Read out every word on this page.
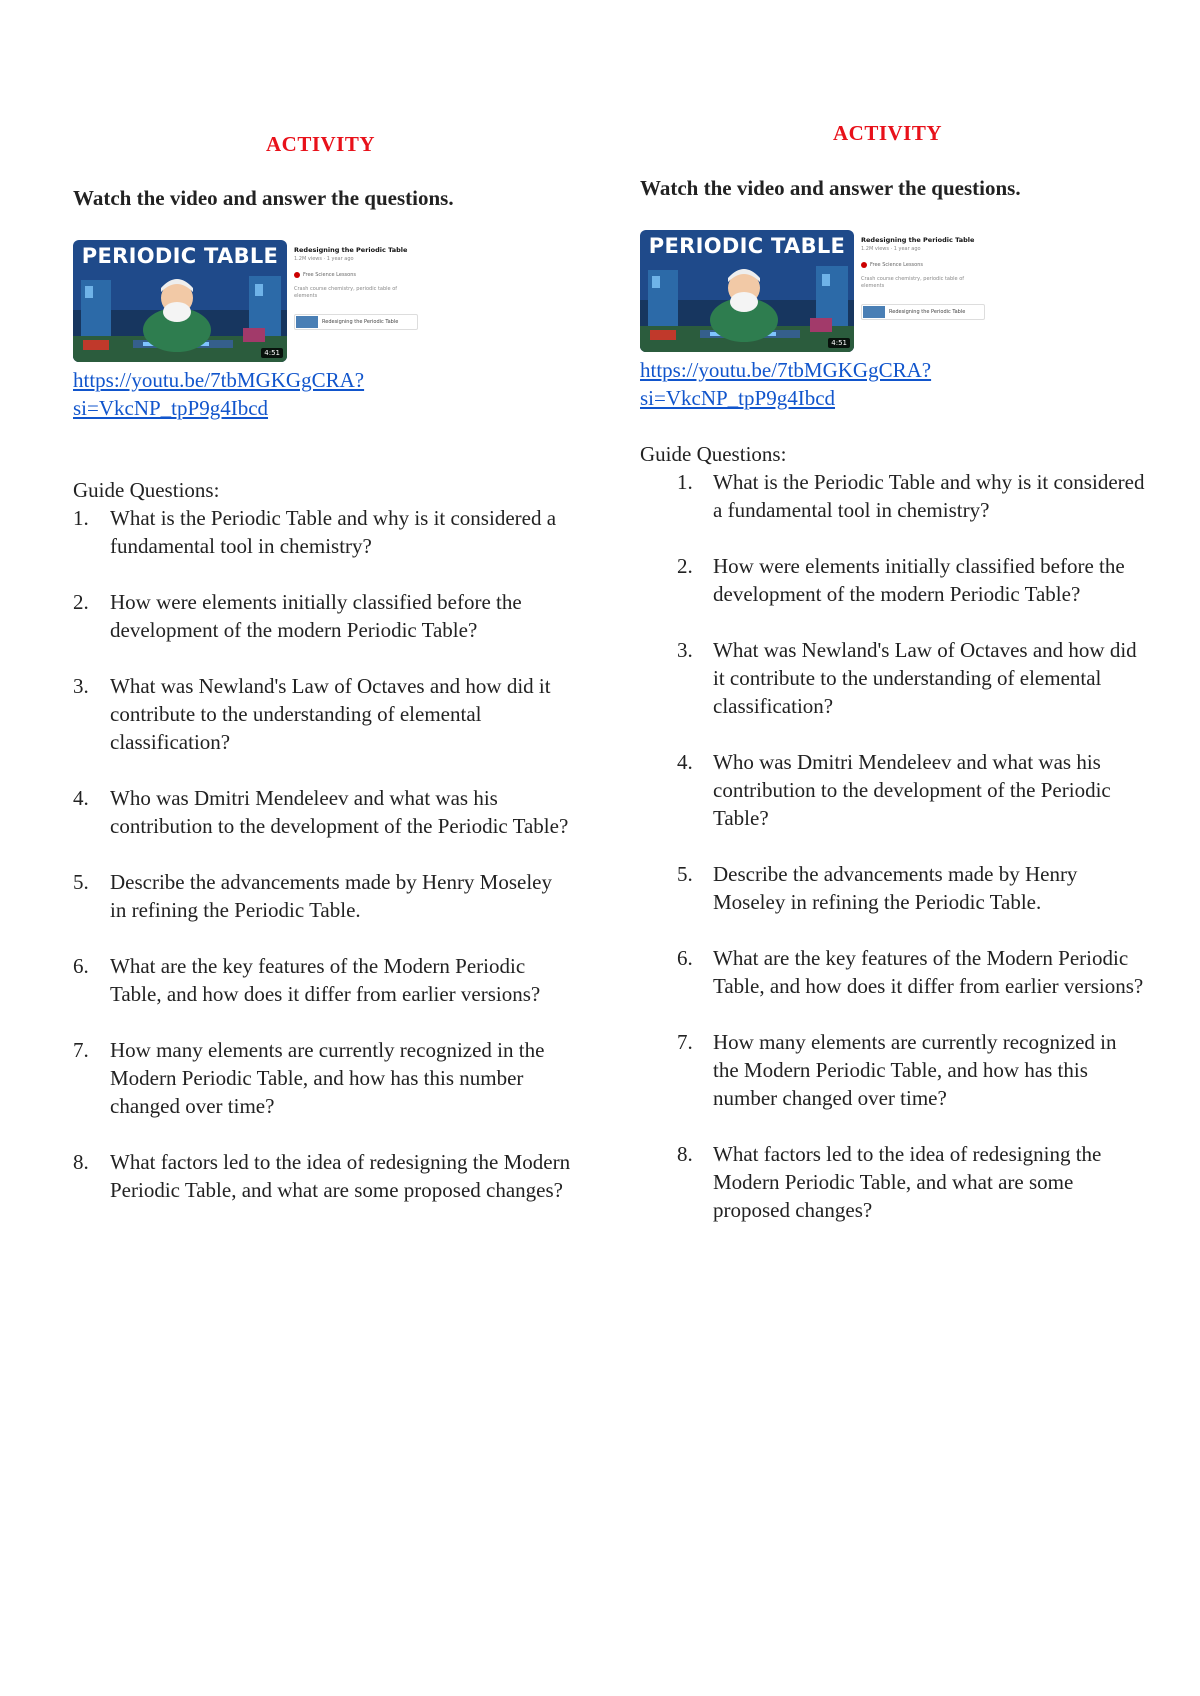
ACTIVITY
Watch the video and answer the questions.
PERIODIC TABLE
4:51
Redesigning the Periodic Table
1.2M views · 1 year ago
Free Science Lessons
Crash course chemistry, periodic table of elements
Redesigning the Periodic Table
https://youtu.be/7tbMGKGgCRA?
si=VkcNP_tpP9g4Ibcd
Guide Questions:
1. What is the Periodic Table and why is it considered a fundamental tool in chemistry?
2. How were elements initially classified before the development of the modern Periodic Table?
3. What was Newland's Law of Octaves and how did it contribute to the understanding of elemental classification?
4. Who was Dmitri Mendeleev and what was his contribution to the development of the Periodic Table?
5. Describe the advancements made by Henry Moseley in refining the Periodic Table.
6. What are the key features of the Modern Periodic Table, and how does it differ from earlier versions?
7. How many elements are currently recognized in the Modern Periodic Table, and how has this number changed over time?
8. What factors led to the idea of redesigning the Modern Periodic Table, and what are some proposed changes?
ACTIVITY
Watch the video and answer the questions.
PERIODIC TABLE
4:51
Redesigning the Periodic Table
1.2M views · 1 year ago
Free Science Lessons
Crash course chemistry, periodic table of elements
Redesigning the Periodic Table
https://youtu.be/7tbMGKGgCRA?
si=VkcNP_tpP9g4Ibcd
Guide Questions:
1. What is the Periodic Table and why is it considered a fundamental tool in chemistry?
2. How were elements initially classified before the development of the modern Periodic Table?
3. What was Newland's Law of Octaves and how did it contribute to the understanding of elemental classification?
4. Who was Dmitri Mendeleev and what was his contribution to the development of the Periodic Table?
5. Describe the advancements made by Henry Moseley in refining the Periodic Table.
6. What are the key features of the Modern Periodic Table, and how does it differ from earlier versions?
7. How many elements are currently recognized in the Modern Periodic Table, and how has this number changed over time?
8. What factors led to the idea of redesigning the Modern Periodic Table, and what are some proposed changes?
